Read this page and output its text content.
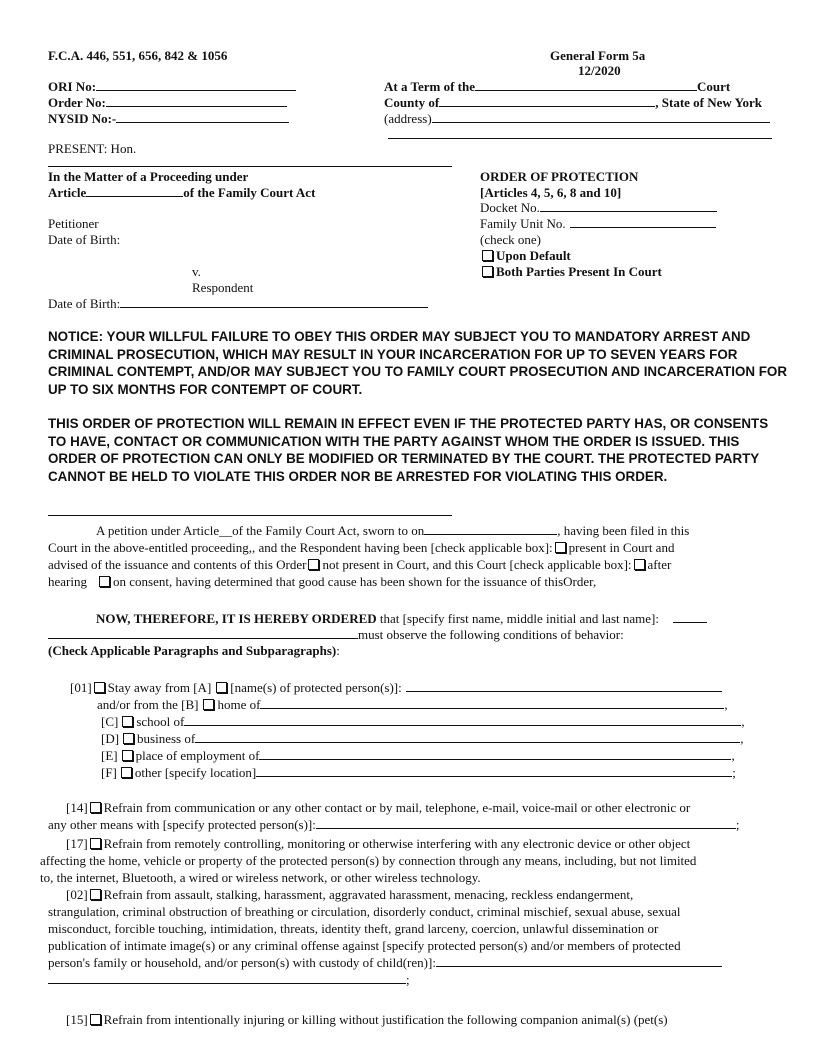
F.C.A. 446, 551, 656, 842 & 1056	General Form 5a
12/2020
ORI No:
Order No:
NYSID No:-
At a Term of the	Court
County of	, State of New York
(address)
PRESENT: Hon.
In the Matter of a Proceeding under
Article	of the Family Court Act
Petitioner
Date of Birth:
v.
Respondent
Date of Birth:
ORDER OF PROTECTION
[Articles 4, 5, 6, 8 and 10]
Docket No.
Family Unit No.
(check one)
Upon Default
Both Parties Present In Court
NOTICE: YOUR WILLFUL FAILURE TO OBEY THIS ORDER MAY SUBJECT YOU TO MANDATORY ARREST AND CRIMINAL PROSECUTION, WHICH MAY RESULT IN YOUR INCARCERATION FOR UP TO SEVEN YEARS FOR CRIMINAL CONTEMPT, AND/OR MAY SUBJECT YOU TO FAMILY COURT PROSECUTION AND INCARCERATION FOR UP TO SIX MONTHS FOR CONTEMPT OF COURT.
THIS ORDER OF PROTECTION WILL REMAIN IN EFFECT EVEN IF THE PROTECTED PARTY HAS, OR CONSENTS TO HAVE, CONTACT OR COMMUNICATION WITH THE PARTY AGAINST WHOM THE ORDER IS ISSUED. THIS ORDER OF PROTECTION CAN ONLY BE MODIFIED OR TERMINATED BY THE COURT. THE PROTECTED PARTY CANNOT BE HELD TO VIOLATE THIS ORDER NOR BE ARRESTED FOR VIOLATING THIS ORDER.

A petition under Article__of the Family Court Act, sworn to on	, having been filed in this

Court in the above-entitled proceeding,, and the Respondent having been [check applicable box]: present in Court and

advised of the issuance and contents of this Order not present in Court, and this Court [check applicable box]: after

hearing on consent, having determined that good cause has been shown for the issuance of thisOrder,

NOW, THEREFORE, IT IS HEREBY ORDERED that [specify first name, middle initial and last name]:
must observe the following conditions of behavior:
(Check Applicable Paragraphs and Subparagraphs):
[01] Stay away from [A] [name(s) of protected person(s)]:
and/or from the [B] home of	,
[C] school of	,
[D] business of	,
[E] place of employment of	,
[F] other [specify location]	;
[14] Refrain from communication or any other contact or by mail, telephone, e-mail, voice-mail or other electronic or
any other means with [specify protected person(s)]:	;
[17] Refrain from remotely controlling, monitoring or otherwise interfering with any electronic device or other object
affecting the home, vehicle or property of the protected person(s) by connection through any means, including, but not limited
to, the internet, Bluetooth, a wired or wireless network, or other wireless technology.
[02] Refrain from assault, stalking, harassment, aggravated harassment, menacing, reckless endangerment,
strangulation, criminal obstruction of breathing or circulation, disorderly conduct, criminal mischief, sexual abuse, sexual
misconduct, forcible touching, intimidation, threats, identity theft, grand larceny, coercion, unlawful dissemination or
publication of intimate image(s) or any criminal offense against [specify protected person(s) and/or members of protected
person's family or household, and/or person(s) with custody of child(ren)]:
;
[15] Refrain from intentionally injuring or killing without justification the following companion animal(s) (pet(s)
